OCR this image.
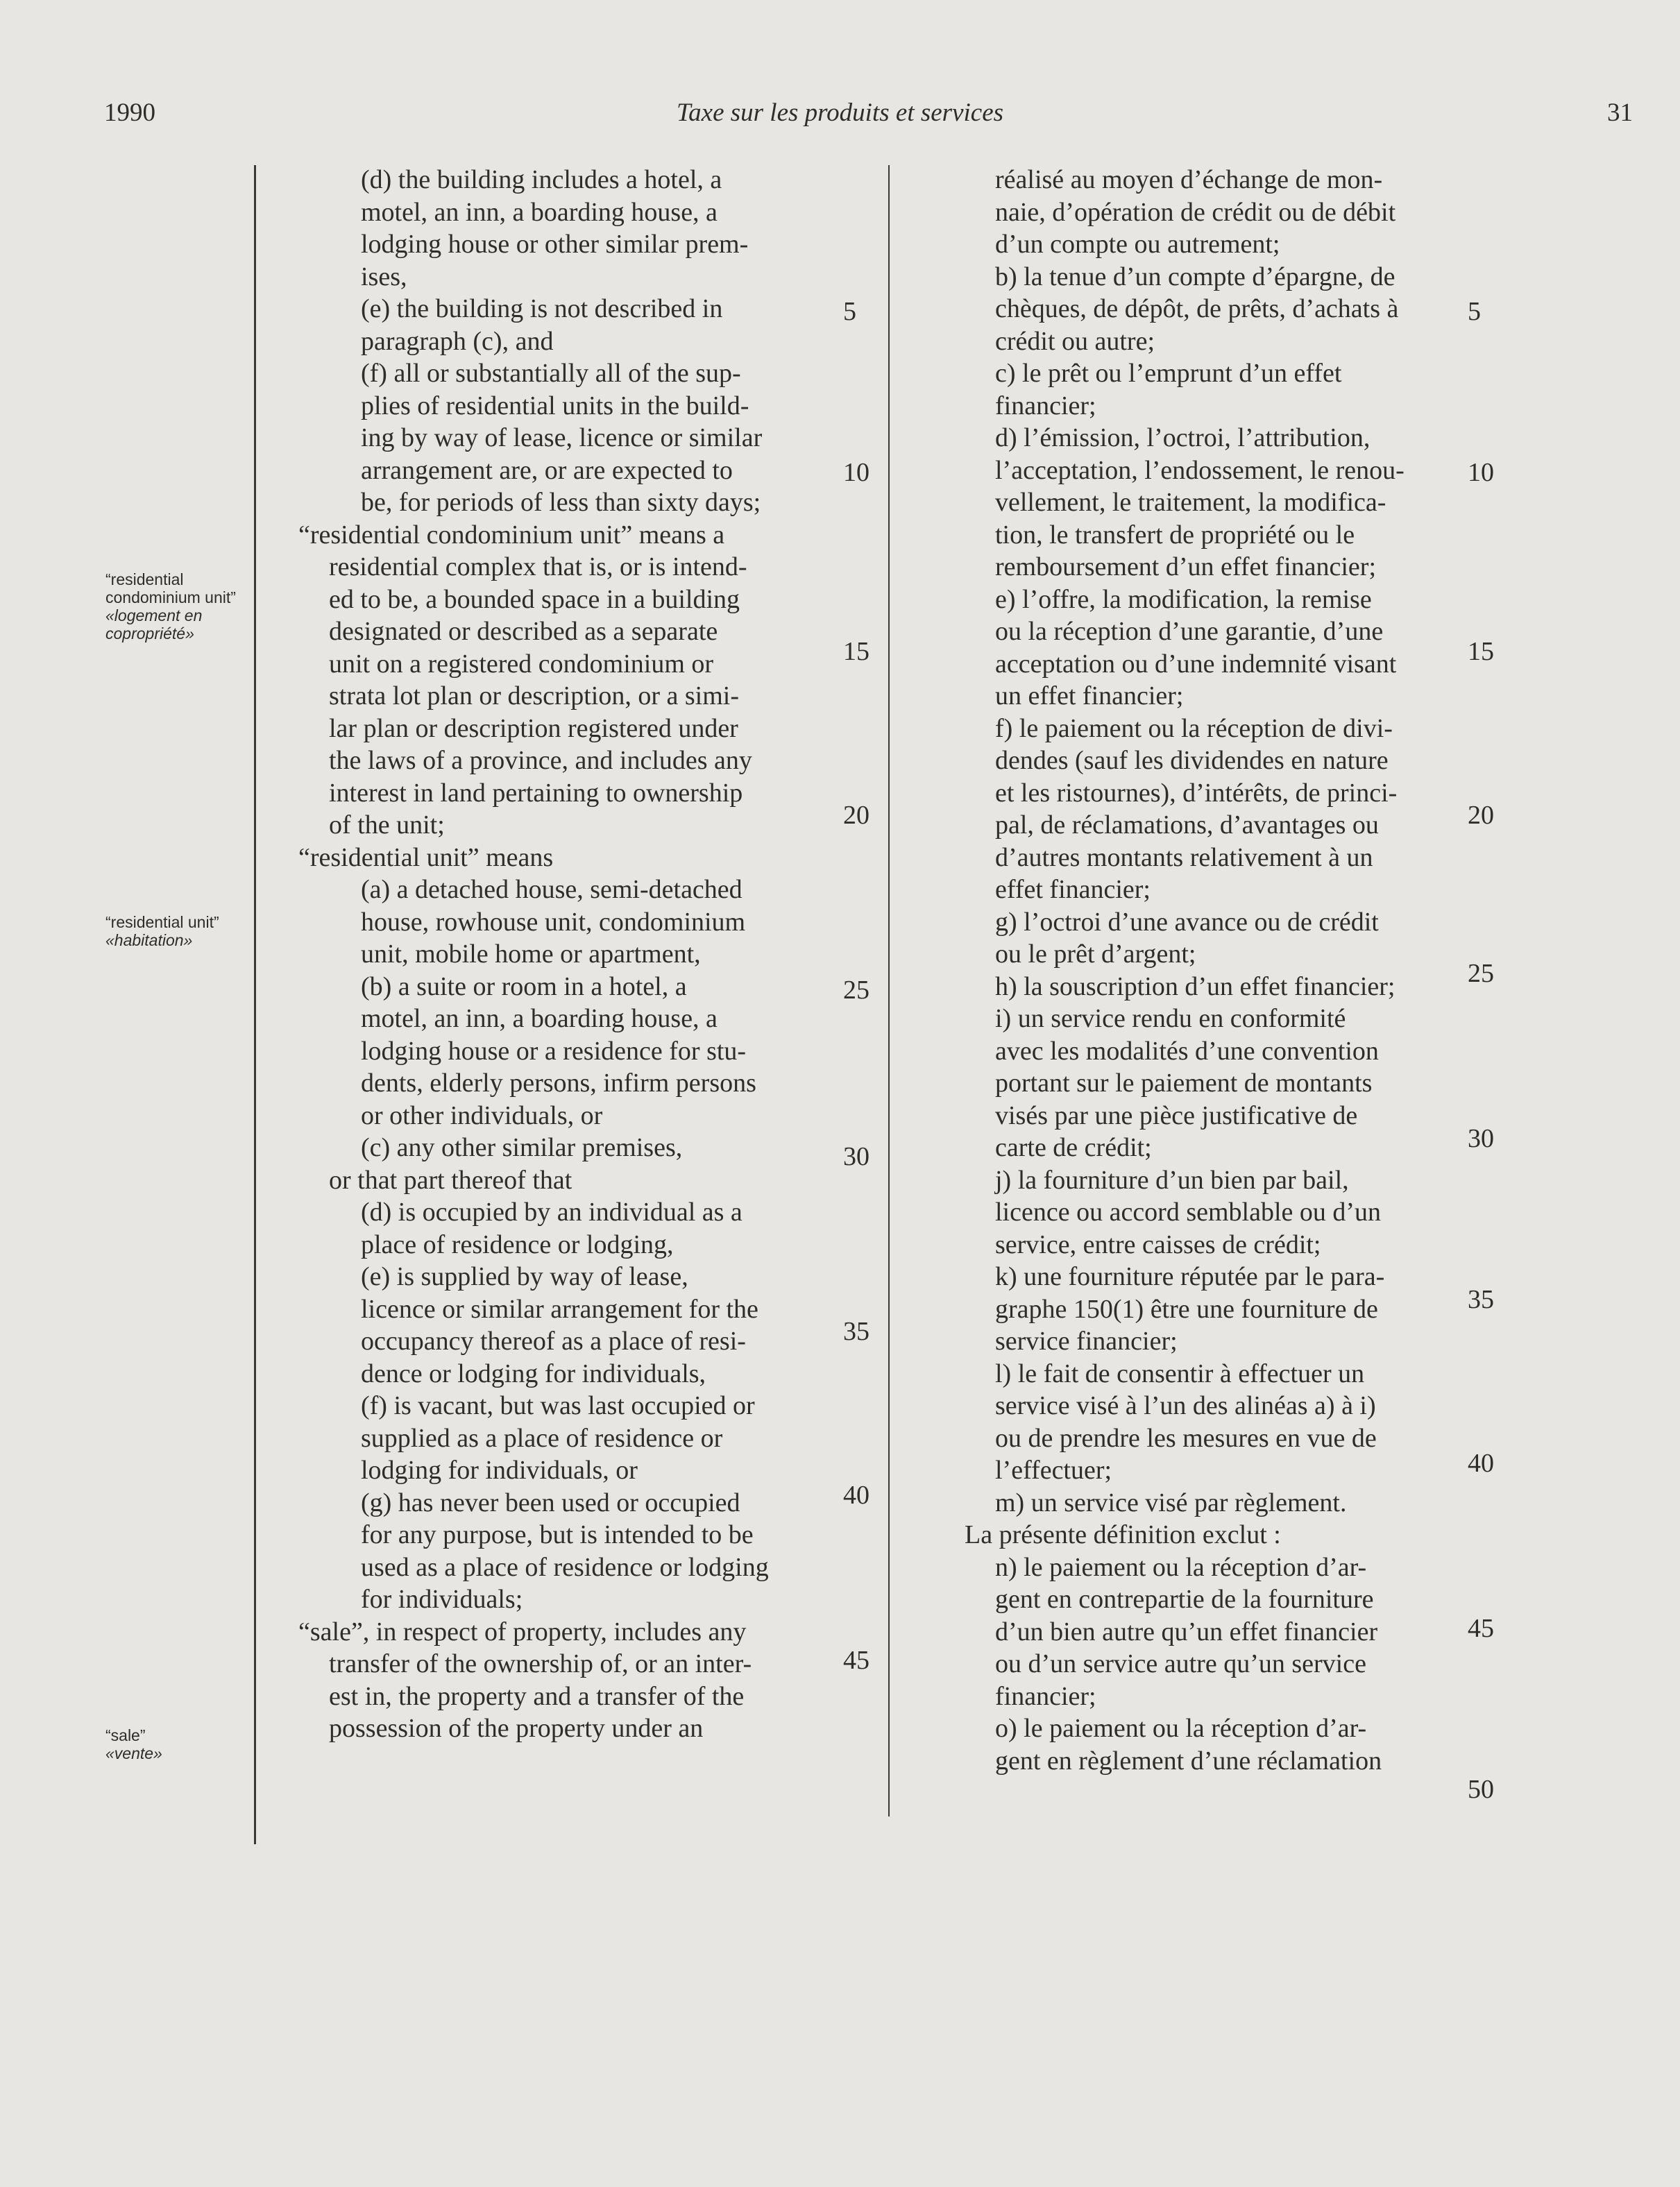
1990	Taxe sur les produits et services	31
“residential condominium unit”
«logement en copropriété»
“residential unit”
«habitation»
“sale”
«vente»
(d) the building includes a hotel, a
motel, an inn, a boarding house, a
lodging house or other similar prem-
ises,
(e) the building is not described in
paragraph (c), and
(f) all or substantially all of the sup-
plies of residential units in the build-
ing by way of lease, licence or similar
arrangement are, or are expected to
be, for periods of less than sixty days;
“residential condominium unit” means a
residential complex that is, or is intend-
ed to be, a bounded space in a building
designated or described as a separate
unit on a registered condominium or
strata lot plan or description, or a simi-
lar plan or description registered under
the laws of a province, and includes any
interest in land pertaining to ownership
of the unit;
“residential unit” means
(a) a detached house, semi-detached
house, rowhouse unit, condominium
unit, mobile home or apartment,
(b) a suite or room in a hotel, a
motel, an inn, a boarding house, a
lodging house or a residence for stu-
dents, elderly persons, infirm persons
or other individuals, or
(c) any other similar premises,
or that part thereof that
(d) is occupied by an individual as a
place of residence or lodging,
(e) is supplied by way of lease,
licence or similar arrangement for the
occupancy thereof as a place of resi-
dence or lodging for individuals,
(f) is vacant, but was last occupied or
supplied as a place of residence or
lodging for individuals, or
(g) has never been used or occupied
for any purpose, but is intended to be
used as a place of residence or lodging
for individuals;
“sale”, in respect of property, includes any
transfer of the ownership of, or an inter-
est in, the property and a transfer of the
possession of the property under an
5
10
15
20
25
30
35
40
45
réalisé au moyen d’échange de mon-
naie, d’opération de crédit ou de débit
d’un compte ou autrement;
b) la tenue d’un compte d’épargne, de
chèques, de dépôt, de prêts, d’achats à
crédit ou autre;
c) le prêt ou l’emprunt d’un effet
financier;
d) l’émission, l’octroi, l’attribution,
l’acceptation, l’endossement, le renou-
vellement, le traitement, la modifica-
tion, le transfert de propriété ou le
remboursement d’un effet financier;
e) l’offre, la modification, la remise
ou la réception d’une garantie, d’une
acceptation ou d’une indemnité visant
un effet financier;
f) le paiement ou la réception de divi-
dendes (sauf les dividendes en nature
et les ristournes), d’intérêts, de princi-
pal, de réclamations, d’avantages ou
d’autres montants relativement à un
effet financier;
g) l’octroi d’une avance ou de crédit
ou le prêt d’argent;
h) la souscription d’un effet financier;
i) un service rendu en conformité
avec les modalités d’une convention
portant sur le paiement de montants
visés par une pièce justificative de
carte de crédit;
j) la fourniture d’un bien par bail,
licence ou accord semblable ou d’un
service, entre caisses de crédit;
k) une fourniture réputée par le para-
graphe 150(1) être une fourniture de
service financier;
l) le fait de consentir à effectuer un
service visé à l’un des alinéas a) à i)
ou de prendre les mesures en vue de
l’effectuer;
m) un service visé par règlement.
La présente définition exclut :
n) le paiement ou la réception d’ar-
gent en contrepartie de la fourniture
d’un bien autre qu’un effet financier
ou d’un service autre qu’un service
financier;
o) le paiement ou la réception d’ar-
gent en règlement d’une réclamation
5
10
15
20
25
30
35
40
45
50
